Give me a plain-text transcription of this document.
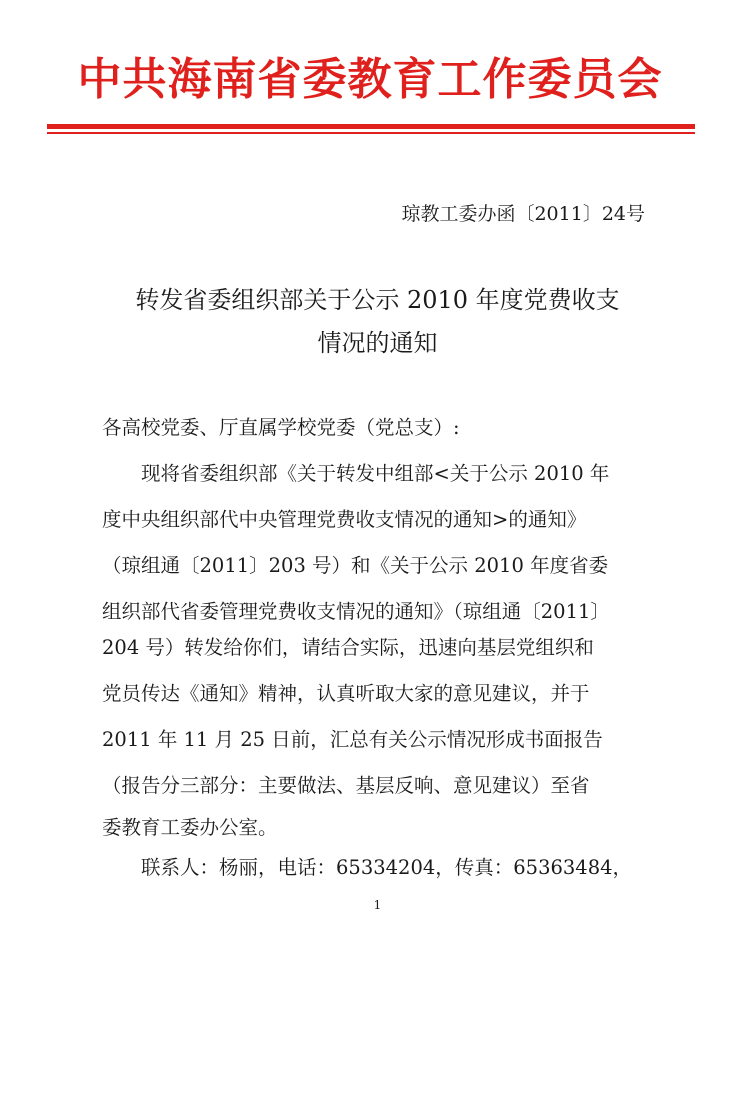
中共海南省委教育工作委员会
琼教工委办函〔2011〕24号
转发省委组织部关于公示 2010 年度党费收支
情况的通知
各高校党委、厅直属学校党委（党总支）:
现将省委组织部《关于转发中组部<关于公示 2010 年
度中央组织部代中央管理党费收支情况的通知>的通知》
（琼组通〔2011〕203 号）和《关于公示 2010 年度省委
组织部代省委管理党费收支情况的通知》（琼组通〔2011〕
204 号）转发给你们，请结合实际，迅速向基层党组织和
党员传达《通知》精神，认真听取大家的意见建议，并于
2011 年 11 月 25 日前，汇总有关公示情况形成书面报告
（报告分三部分：主要做法、基层反响、意见建议）至省
委教育工委办公室。
联系人：杨丽，电话：65334204，传真：65363484，
1
